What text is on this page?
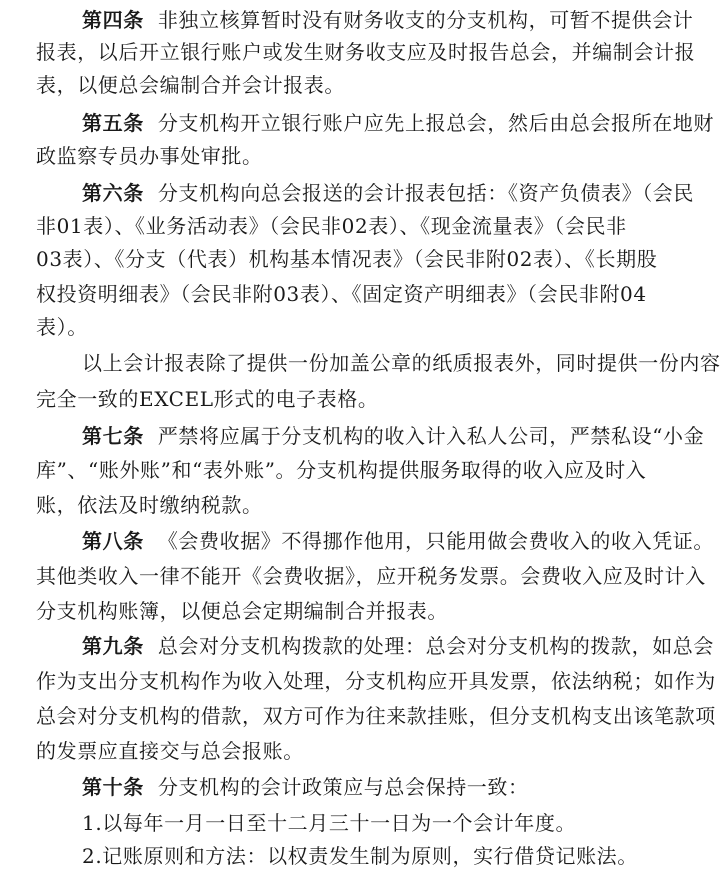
第四条 非独立核算暂时没有财务收支的分支机构，可暂不提供会计
报表，以后开立银行账户或发生财务收支应及时报告总会，并编制会计报
表，以便总会编制合并会计报表。
第五条 分支机构开立银行账户应先上报总会，然后由总会报所在地财
政监察专员办事处审批。
第六条 分支机构向总会报送的会计报表包括：《资产负债表》（会民
非01表）、《业务活动表》（会民非02表）、《现金流量表》（会民非
03表）、《分支（代表）机构基本情况表》（会民非附02表）、《长期股
权投资明细表》（会民非附03表）、《固定资产明细表》（会民非附04
表）。
以上会计报表除了提供一份加盖公章的纸质报表外，同时提供一份内容
完全一致的EXCEL形式的电子表格。
第七条 严禁将应属于分支机构的收入计入私人公司，严禁私设“小金
库”、“账外账”和“表外账”。分支机构提供服务取得的收入应及时入
账，依法及时缴纳税款。
第八条 《会费收据》不得挪作他用，只能用做会费收入的收入凭证。
其他类收入一律不能开《会费收据》，应开税务发票。会费收入应及时计入
分支机构账簿，以便总会定期编制合并报表。
第九条 总会对分支机构拨款的处理：总会对分支机构的拨款，如总会
作为支出分支机构作为收入处理，分支机构应开具发票，依法纳税；如作为
总会对分支机构的借款，双方可作为往来款挂账，但分支机构支出该笔款项
的发票应直接交与总会报账。
第十条 分支机构的会计政策应与总会保持一致：
1.以每年一月一日至十二月三十一日为一个会计年度。
2.记账原则和方法：以权责发生制为原则，实行借贷记账法。
